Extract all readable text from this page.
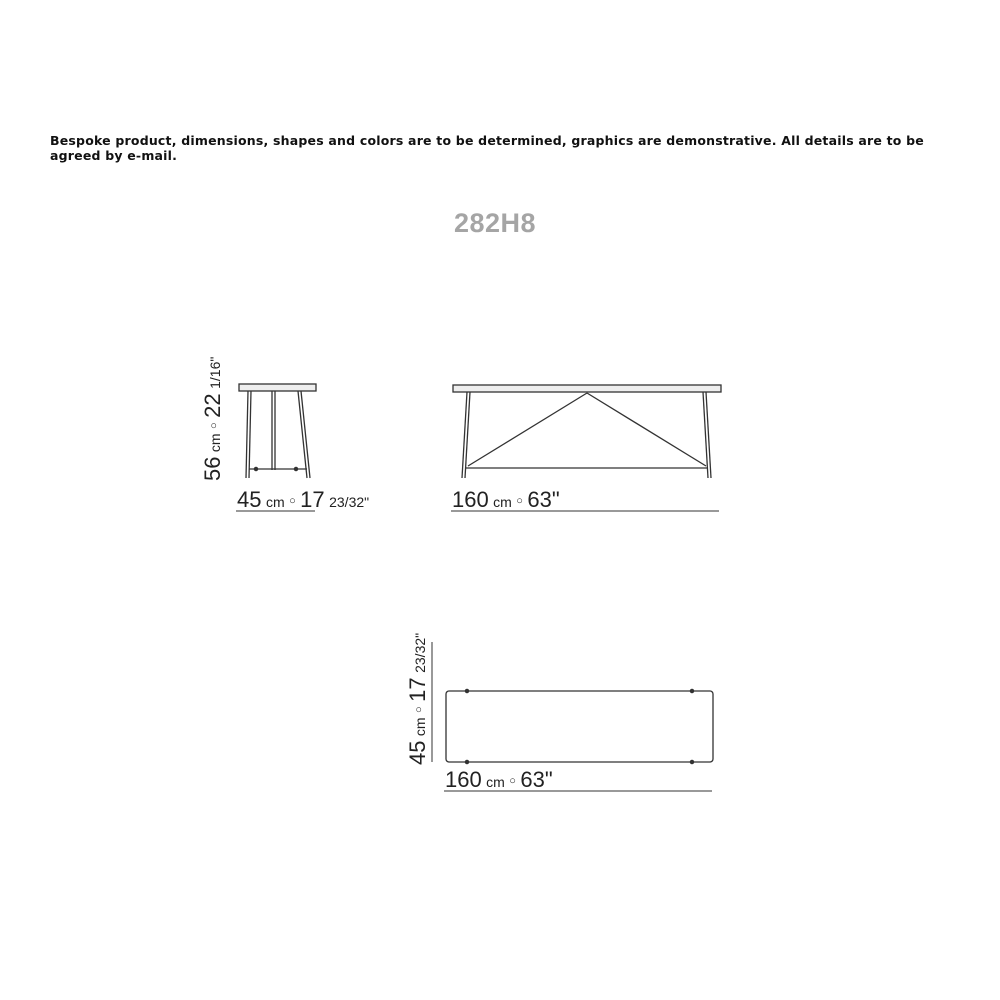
Bespoke product, dimensions, shapes and colors are to be determined, graphics are demonstrative. All details are to be agreed by e-mail.
282H8
56 cm ○ 22 1/16"
45 cm ○ 17 23/32"	160 cm ○ 63"
45 cm ○ 17 23/32"
160 cm ○ 63"
